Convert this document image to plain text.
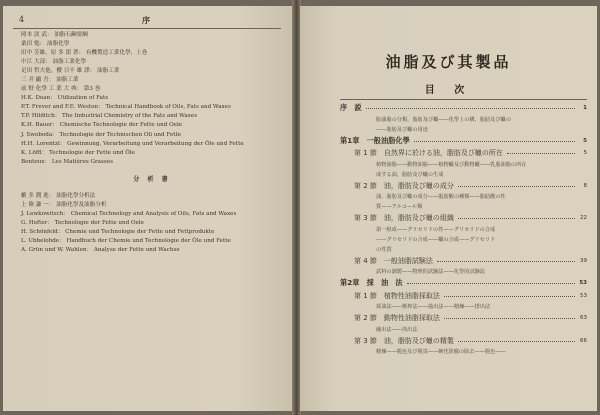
4	序
岡本 淡 武： 油脂石鹸要綱
桑田 勉： 油脂化學
田中 芳雄，原 多 郎 著： 有機製造工業化學，上巻
中江 大部： 油脂工業化學
足田 哲夫他，櫻 日不 雄 譯： 油脂工業
三 井 顯 吾： 油脂工業
前 野 化學 工 業 大 典： 第3 巻
H.K. Dean： Utilization of Fats
P.T. Frever and F.E. Weston： Technical Handbook of Oils, Fats and Waxes
T.P. Hilditch： The Industrial Chemistry of the Fats and Waxes
K.H. Bauer： Chemische Technologie der Fette und Oele
J. Swoboda： Technologie der Technischen Oli und Fette
H.H. Lorentzl： Gewinnung, Verarbeitung und Verarbeitung der Öle und Fette
K. Löffl： Technologie der Fette und Öle
Bontoux： Les Matières Grasses
分 析 書
藪 多 潤 進： 油脂化學分析法
上 條 謙 一： 油脂化學及油脂分析
J. Lewkowitsch： Chemical Technology and Analysis of Oils, Fats and Waxes
G. Hefter： Technologie der Fette und Oele
H. Schönfeld： Chemie und Technologie der Fette und Fettprodukte
L. Ubbelohde： Handbuch der Chemie und Technologie der Öle und Fette
A. Grün und W. Wahlen： Analyse der Fette und Wachse
油脂及び其製品
目 次
序　説	1
脂油脂の分類，脂肪及び蠟——化學上の構，脂肪及び蠟の
——脂肪及び蠟の用途
第1章　一般油脂化學	5
第 1 節　自然界に於ける油，脂肪及び蠟の所在	5
植物油脂——動物油脂——植物蠟及び動物蠟——乳脂油脂の所在
成する油，脂肪及び蠟の生成
第 2 節　油，脂肪及び蠟の成分	8
油，脂肪及び蠟の成分——脂肪酸の種類——脂肪酸の性
質——アルコール類
第 3 節　油，脂肪及び蠟の組織	22
第一組成——グリセリドの性——グリセリドの合成
——グリセリドの合成——蠟の合成——グリセリド
の性質
第 4 節　一般油脂試験法	39
試料の調製——物理的試験法——化學的試験法
第2章　採　油　法	53
第 1 節　植物性油脂採取法	53
採油法——壓搾法——抽出法——精煉——排出法
第 2 節　動物性油脂採取法	63
融出法——煎出法
第 3 節　油，脂肪及び蠟の精製	66
精煉——脱色及び脱臭——硬化防腐の除去——脱色——
